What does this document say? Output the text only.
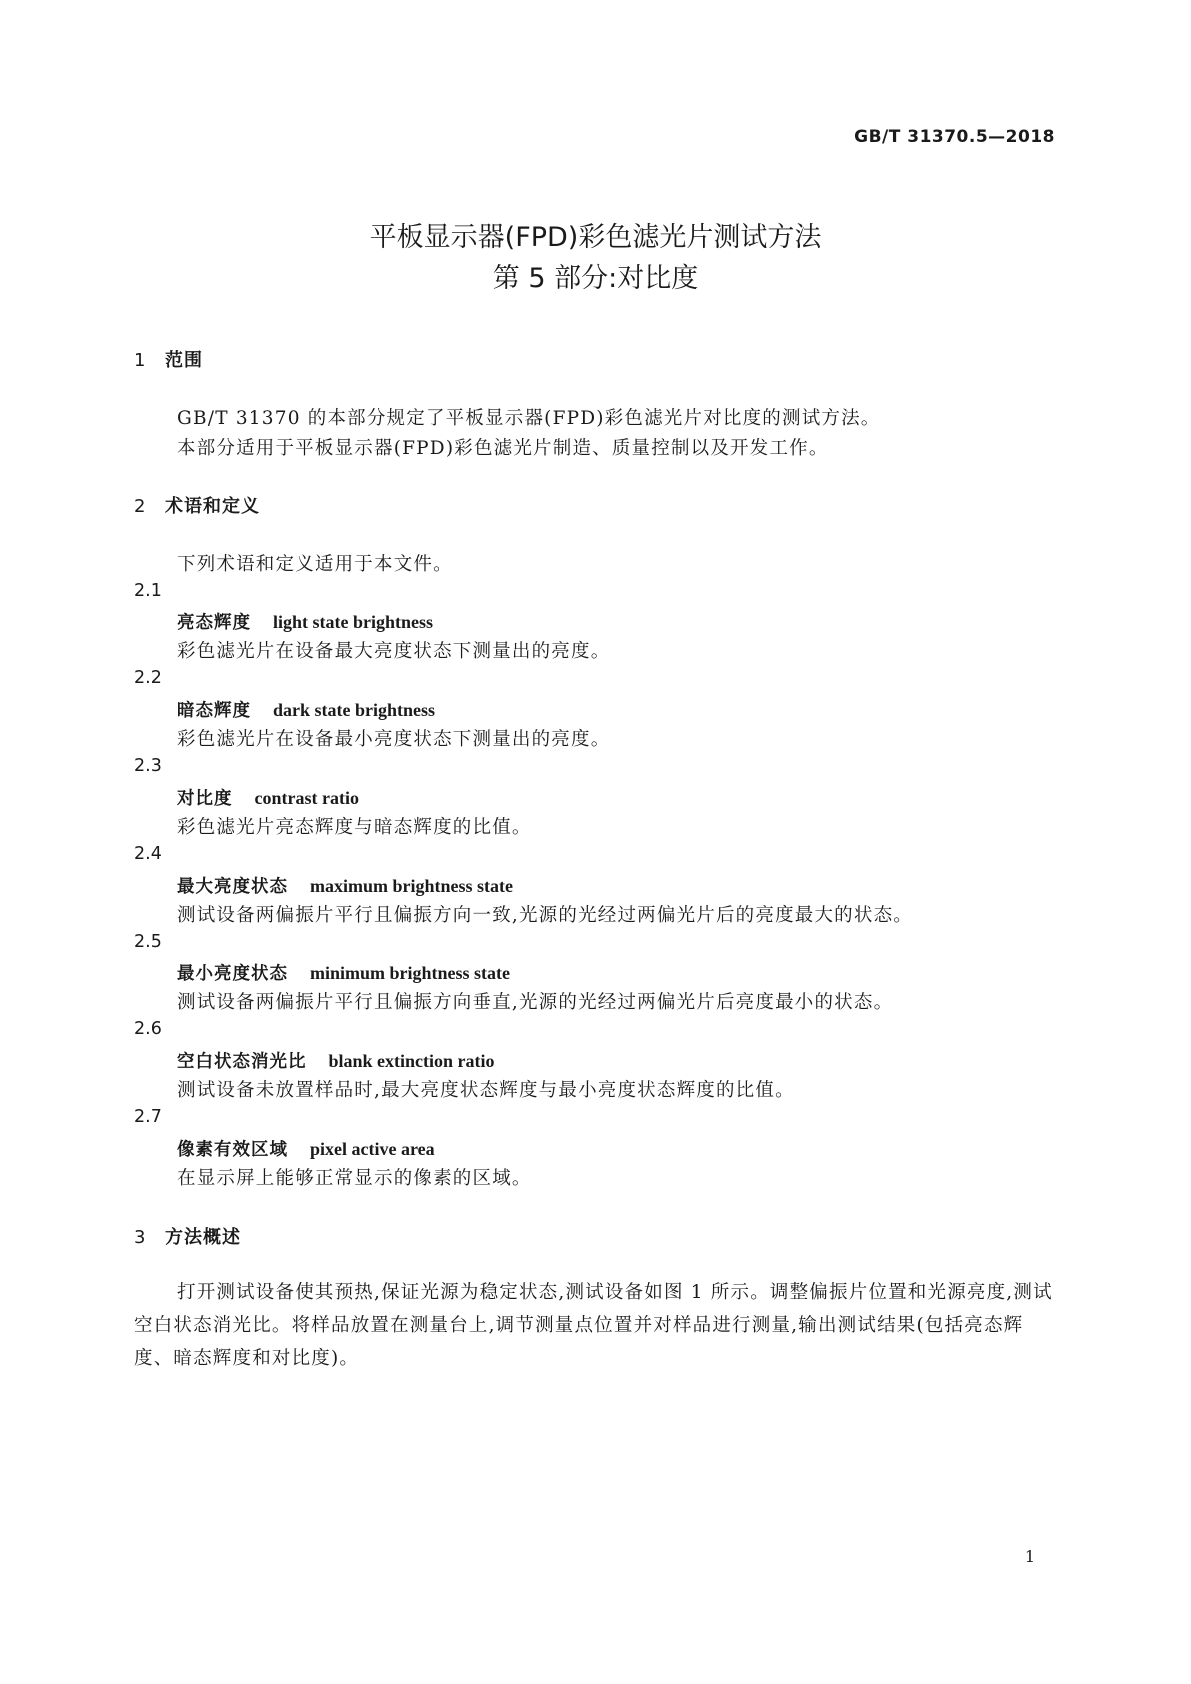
GB/T 31370.5—2018
平板显示器(FPD)彩色滤光片测试方法
第 5 部分:对比度
1 范围
GB/T 31370 的本部分规定了平板显示器(FPD)彩色滤光片对比度的测试方法。
本部分适用于平板显示器(FPD)彩色滤光片制造、质量控制以及开发工作。
2 术语和定义
下列术语和定义适用于本文件。
2.1
亮态辉度 light state brightness
彩色滤光片在设备最大亮度状态下测量出的亮度。
2.2
暗态辉度 dark state brightness
彩色滤光片在设备最小亮度状态下测量出的亮度。
2.3
对比度 contrast ratio
彩色滤光片亮态辉度与暗态辉度的比值。
2.4
最大亮度状态 maximum brightness state
测试设备两偏振片平行且偏振方向一致,光源的光经过两偏光片后的亮度最大的状态。
2.5
最小亮度状态 minimum brightness state
测试设备两偏振片平行且偏振方向垂直,光源的光经过两偏光片后亮度最小的状态。
2.6
空白状态消光比 blank extinction ratio
测试设备未放置样品时,最大亮度状态辉度与最小亮度状态辉度的比值。
2.7
像素有效区域 pixel active area
在显示屏上能够正常显示的像素的区域。
3 方法概述
打开测试设备使其预热,保证光源为稳定状态,测试设备如图 1 所示。调整偏振片位置和光源亮度,测试空白状态消光比。将样品放置在测量台上,调节测量点位置并对样品进行测量,输出测试结果(包括亮态辉度、暗态辉度和对比度)。
1
